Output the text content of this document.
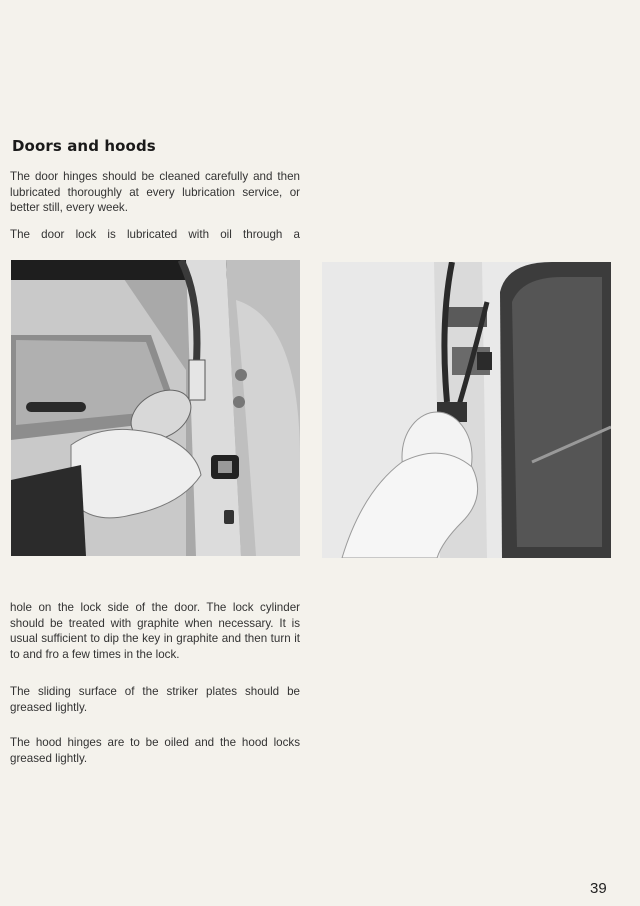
Doors and hoods

The door hinges should be cleaned carefully and then lubricated thoroughly at every lubrication service, or better still, every week.

The door lock is lubricated with oil through a

hole on the lock side of the door. The lock cylinder should be treated with graphite when necessary. It is usual sufficient to dip the key in graphite and then turn it to and fro a few times in the lock.

The sliding surface of the striker plates should be greased lightly.

The hood hinges are to be oiled and the hood locks greased lightly.

39
